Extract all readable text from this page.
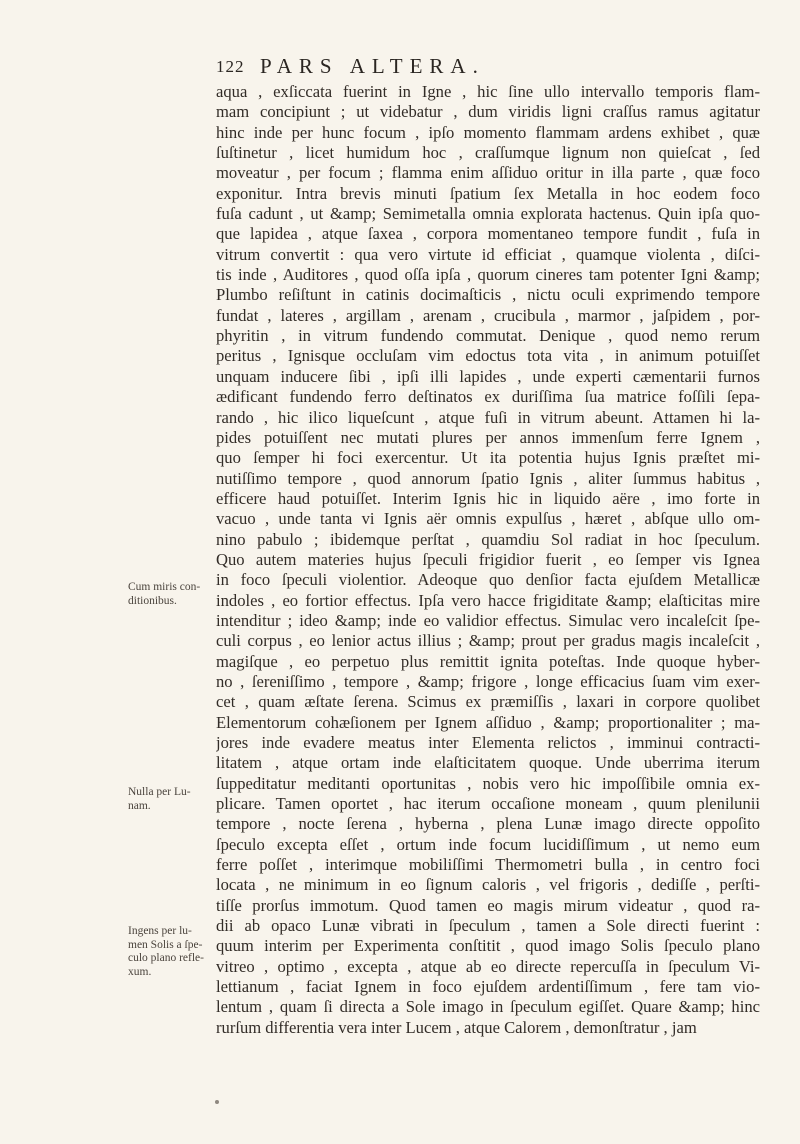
122 PARS ALTERA.
aqua , exſiccata fuerint in Igne , hic ſine ullo intervallo temporis flam-
mam concipiunt ; ut videbatur , dum viridis ligni craſſus ramus agitatur
hinc inde per hunc focum , ipſo momento flammam ardens exhibet , quæ
ſuſtinetur , licet humidum hoc , craſſumque lignum non quieſcat , ſed
moveatur , per focum ; flamma enim aſſiduo oritur in illa parte , quæ foco
exponitur. Intra brevis minuti ſpatium ſex Metalla in hoc eodem foco
fuſa cadunt , ut &amp; Semimetalla omnia explorata hactenus. Quin ipſa quo-
que lapidea , atque ſaxea , corpora momentaneo tempore fundit , fuſa in
vitrum convertit : qua vero virtute id efficiat , quamque violenta , diſci-
tis inde , Auditores , quod oſſa ipſa , quorum cineres tam potenter Igni &amp;
Plumbo reſiſtunt in catinis docimaſticis , nictu oculi exprimendo tempore
fundat , lateres , argillam , arenam , crucibula , marmor , jaſpidem , por-
phyritin , in vitrum fundendo commutat. Denique , quod nemo rerum
peritus , Ignisque occluſam vim edoctus tota vita , in animum potuiſſet
unquam inducere ſibi , ipſi illi lapides , unde experti cæmentarii furnos
ædificant fundendo ferro deſtinatos ex duriſſima ſua matrice foſſili ſepa-
rando , hic ilico liqueſcunt , atque fuſi in vitrum abeunt. Attamen hi la-
pides potuiſſent nec mutati plures per annos immenſum ferre Ignem ,
quo ſemper hi foci exercentur. Ut ita potentia hujus Ignis præſtet mi-
nutiſſimo tempore , quod annorum ſpatio Ignis , aliter ſummus habitus ,
efficere haud potuiſſet. Interim Ignis hic in liquido aëre , imo forte in
vacuo , unde tanta vi Ignis aër omnis expulſus , hæret , abſque ullo om-
nino pabulo ; ibidemque perſtat , quamdiu Sol radiat in hoc ſpeculum.
Quo autem materies hujus ſpeculi frigidior fuerit , eo ſemper vis Ignea
in foco ſpeculi violentior. Adeoque quo denſior facta ejuſdem Metallicæ
indoles , eo fortior effectus. Ipſa vero hacce frigiditate &amp; elaſticitas mire
intenditur ; ideo &amp; inde eo validior effectus. Simulac vero incaleſcit ſpe-
culi corpus , eo lenior actus illius ; &amp; prout per gradus magis incaleſcit ,
magiſque , eo perpetuo plus remittit ignita poteſtas. Inde quoque hyber-
no , ſereniſſimo , tempore , &amp; frigore , longe efficacius ſuam vim exer-
cet , quam æſtate ſerena. Scimus ex præmiſſis , laxari in corpore quolibet
Elementorum cohæſionem per Ignem aſſiduo , &amp; proportionaliter ; ma-
jores inde evadere meatus inter Elementa relictos , imminui contracti-
litatem , atque ortam inde elaſticitatem quoque. Unde uberrima iterum
ſuppeditatur meditanti oportunitas , nobis vero hic impoſſibile omnia ex-
plicare. Tamen oportet , hac iterum occaſione moneam , quum plenilunii
tempore , nocte ſerena , hyberna , plena Lunæ imago directe oppoſito
ſpeculo excepta eſſet , ortum inde focum lucidiſſimum , ut nemo eum
ferre poſſet , interimque mobiliſſimi Thermometri bulla , in centro foci
locata , ne minimum in eo ſignum caloris , vel frigoris , dediſſe , perſti-
tiſſe prorſus immotum. Quod tamen eo magis mirum videatur , quod ra-
dii ab opaco Lunæ vibrati in ſpeculum , tamen a Sole directi fuerint :
quum interim per Experimenta conſtitit , quod imago Solis ſpeculo plano
vitreo , optimo , excepta , atque ab eo directe repercuſſa in ſpeculum Vi-
lettianum , faciat Ignem in foco ejuſdem ardentiſſimum , fere tam vio-
lentum , quam ſi directa a Sole imago in ſpeculum egiſſet. Quare &amp; hinc
rurſum differentia vera inter Lucem , atque Calorem , demonſtratur , jam
Cum miris con-
ditionibus.
Nulla per Lu-
nam.
Ingens per lu-
men Solis a ſpe-
culo plano refle-
xum.
